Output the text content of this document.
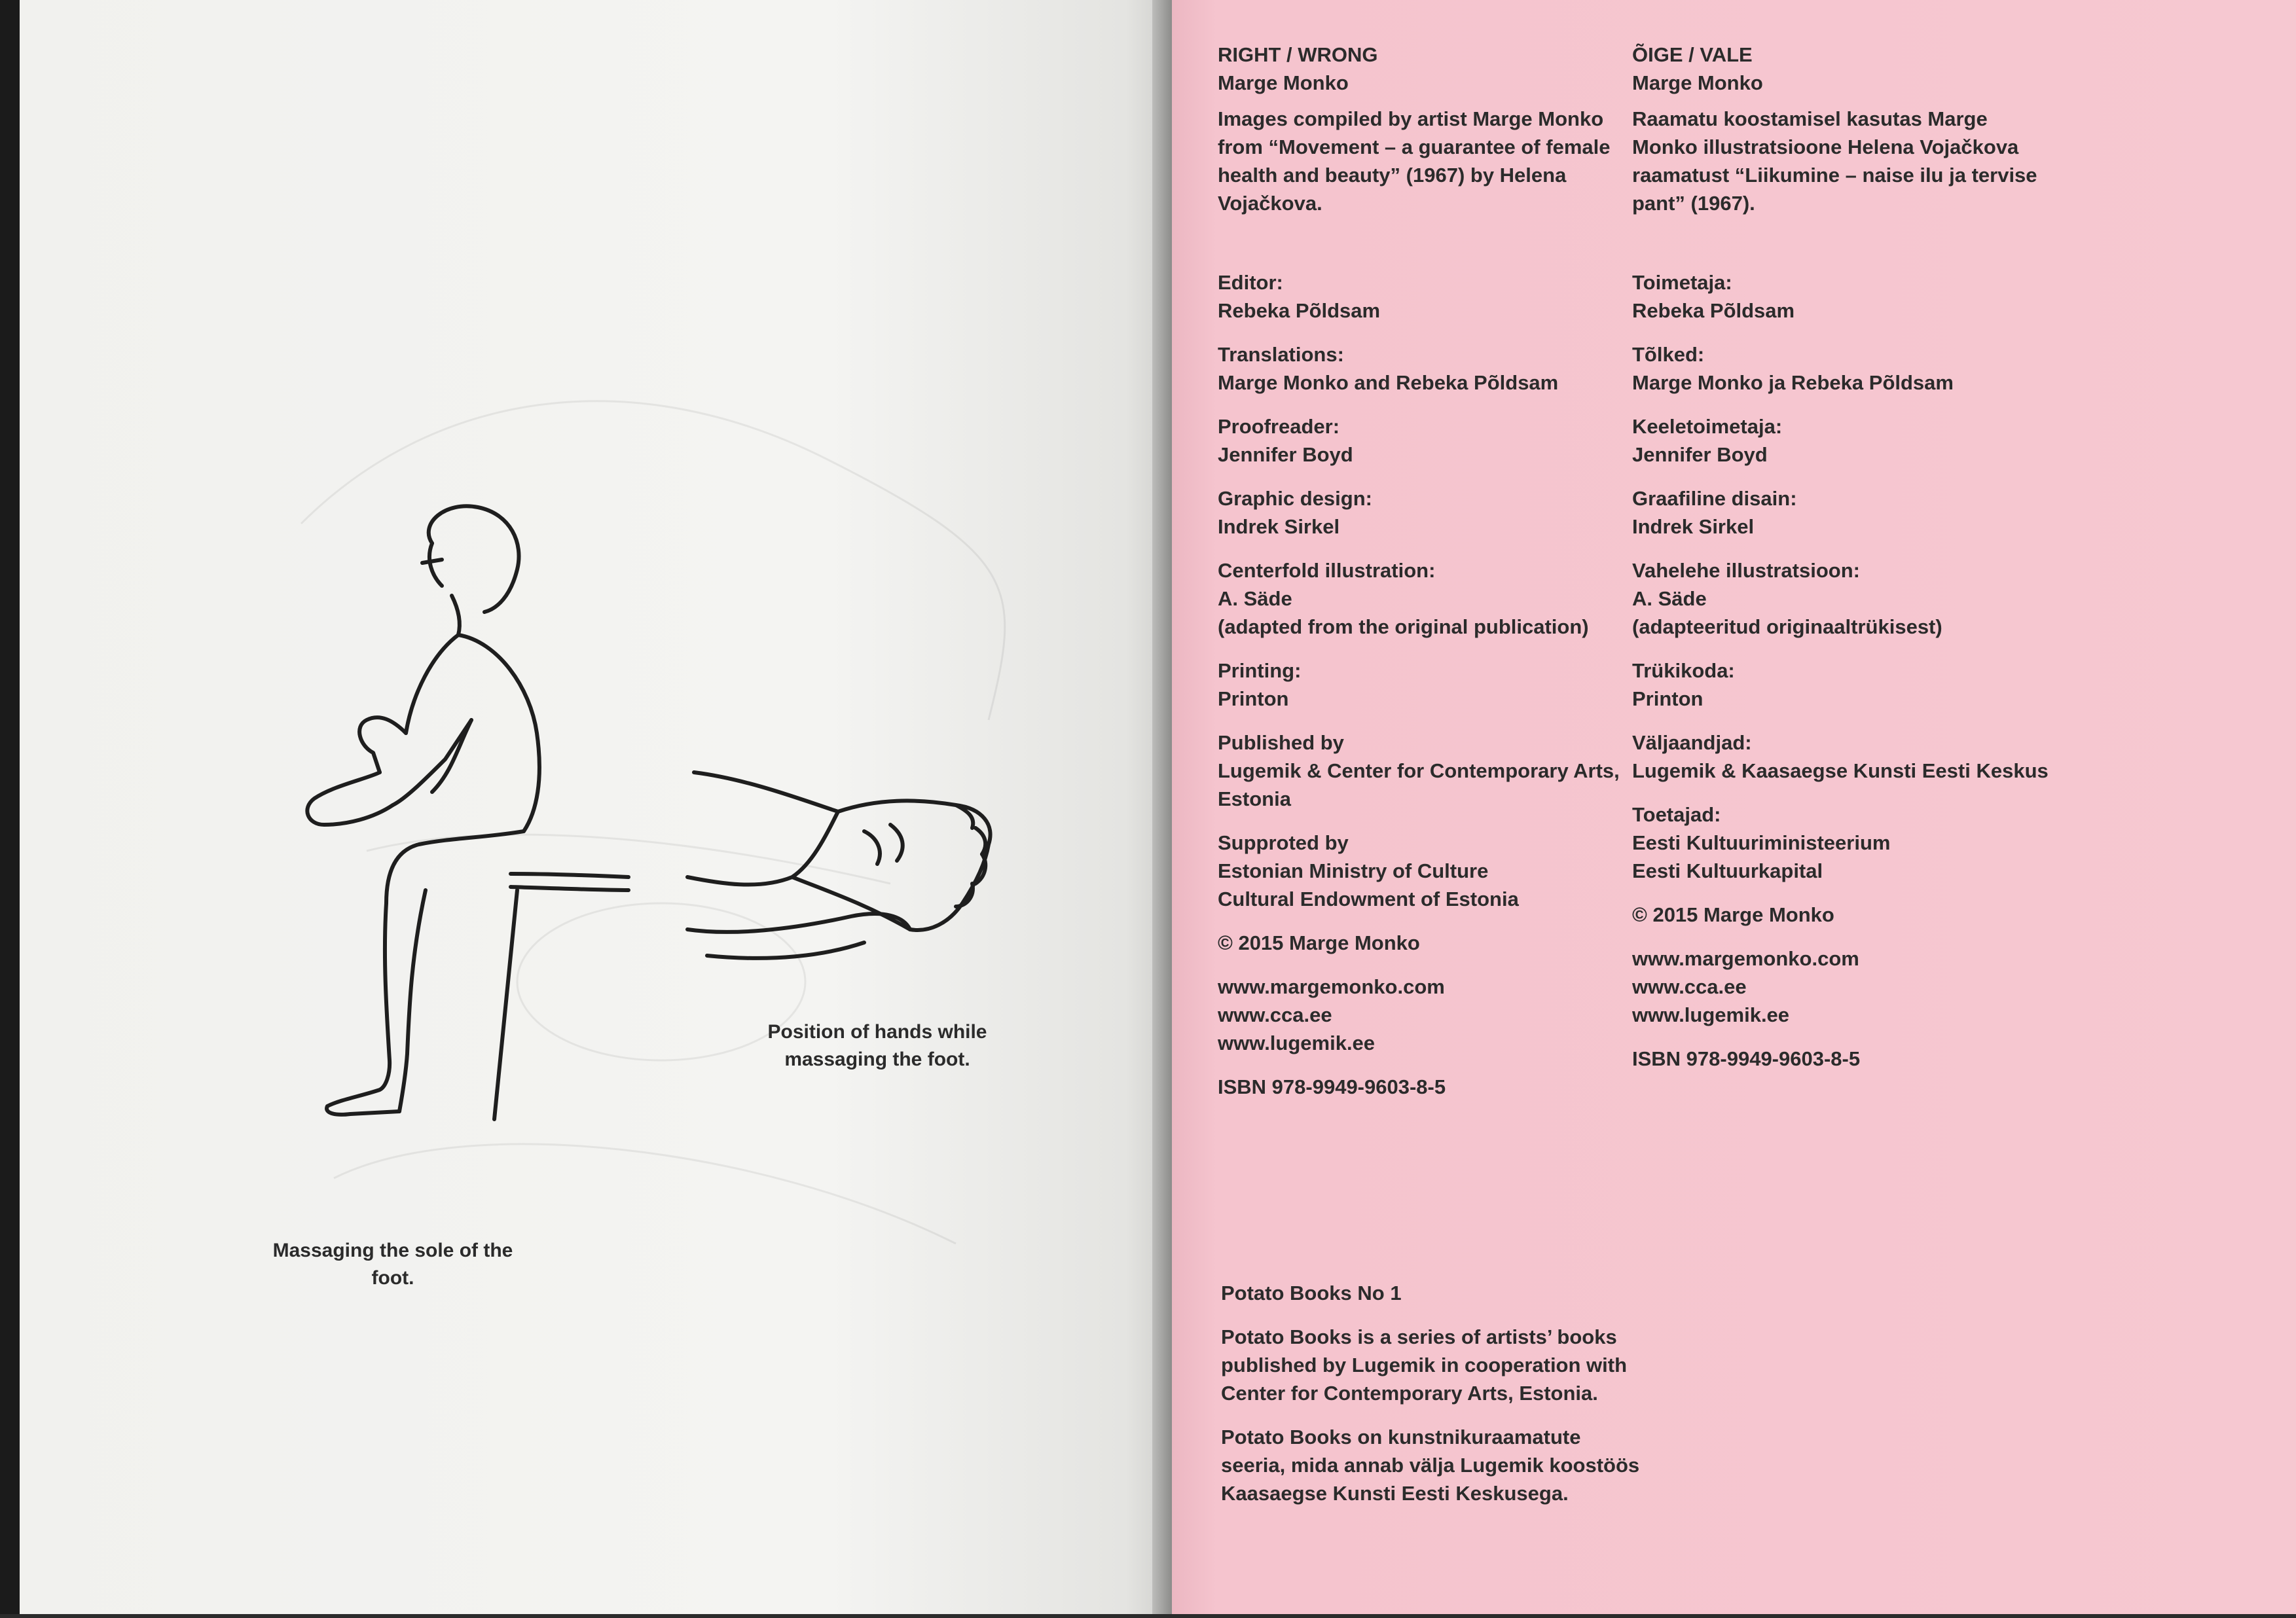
Massaging the sole of the foot.
Position of hands while massaging the foot.

RIGHT / WRONG

Marge Monko

Images compiled by artist Marge Monko from “Movement – a guarantee of female health and beauty” (1967) by Helena Vojačkova.

Editor:

Rebeka Põldsam

Translations:

Marge Monko and Rebeka Põldsam

Proofreader:

Jennifer Boyd

Graphic design:

Indrek Sirkel

Centerfold illustration:

A. Säde

(adapted from the original publication)

Printing:

Printon

Published by

Lugemik & Center for Contemporary Arts, Estonia

Supproted by

Estonian Ministry of Culture

Cultural Endowment of Estonia

© 2015 Marge Monko

www.margemonko.com

www.cca.ee

www.lugemik.ee

ISBN 978-9949-9603-8-5

ÕIGE / VALE

Marge Monko

Raamatu koostamisel kasutas Marge Monko illustratsioone Helena Vojačkova raamatust “Liikumine – naise ilu ja tervise pant” (1967).

Toimetaja:

Rebeka Põldsam

Tõlked:

Marge Monko ja Rebeka Põldsam

Keeletoimetaja:

Jennifer Boyd

Graafiline disain:

Indrek Sirkel

Vahelehe illustratsioon:

A. Säde

(adapteeritud originaaltrükisest)

Trükikoda:

Printon

Väljaandjad:

Lugemik & Kaasaegse Kunsti Eesti Keskus

Toetajad:

Eesti Kultuuriministeerium

Eesti Kultuurkapital

© 2015 Marge Monko

www.margemonko.com

www.cca.ee

www.lugemik.ee

ISBN 978-9949-9603-8-5

Potato Books No 1

Potato Books is a series of artists’ books published by Lugemik in cooperation with Center for Contemporary Arts, Estonia.

Potato Books on kunstnikuraamatute seeria, mida annab välja Lugemik koostöös Kaasaegse Kunsti Eesti Keskusega.
